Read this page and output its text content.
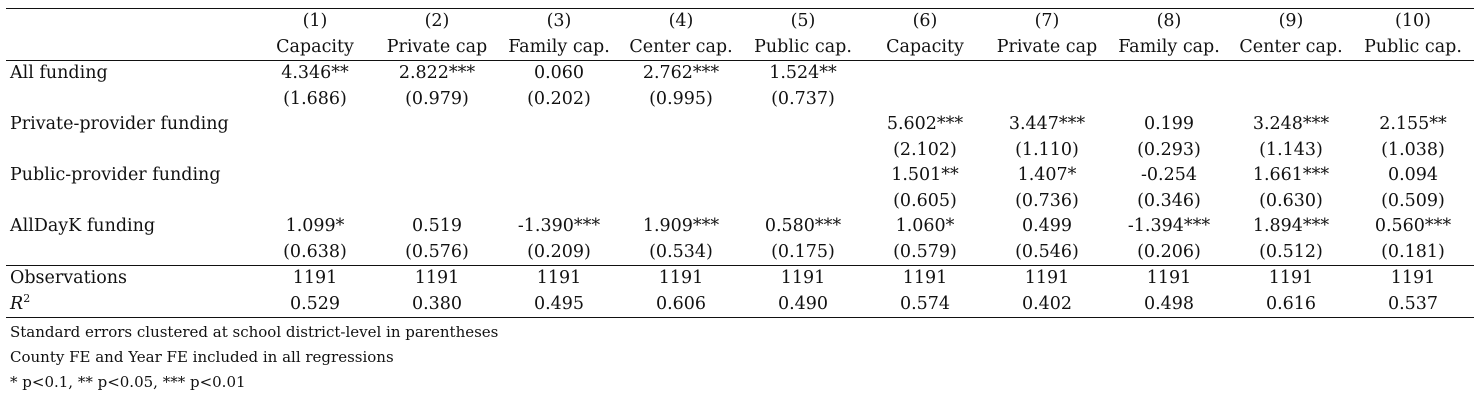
	(1)	(2)	(3)	(4)	(5)	(6)	(7)	(8)	(9)	(10)
	Capacity	Private cap	Family cap.	Center cap.	Public cap.	Capacity	Private cap	Family cap.	Center cap.	Public cap.
All funding	4.346**	2.822***	0.060	2.762***	1.524**					
	(1.686)	(0.979)	(0.202)	(0.995)	(0.737)					
Private-provider funding						5.602***	3.447***	0.199	3.248***	2.155**
						(2.102)	(1.110)	(0.293)	(1.143)	(1.038)
Public-provider funding						1.501**	1.407*	-0.254	1.661***	0.094
						(0.605)	(0.736)	(0.346)	(0.630)	(0.509)
AllDayK funding	1.099*	0.519	-1.390***	1.909***	0.580***	1.060*	0.499	-1.394***	1.894***	0.560***
	(0.638)	(0.576)	(0.209)	(0.534)	(0.175)	(0.579)	(0.546)	(0.206)	(0.512)	(0.181)
Observations	1191	1191	1191	1191	1191	1191	1191	1191	1191	1191
$R^2$	0.529	0.380	0.495	0.606	0.490	0.574	0.402	0.498	0.616	0.537
Standard errors clustered at school district-level in parentheses
County FE and Year FE included in all regressions
* p<0.1, ** p<0.05, *** p<0.01
